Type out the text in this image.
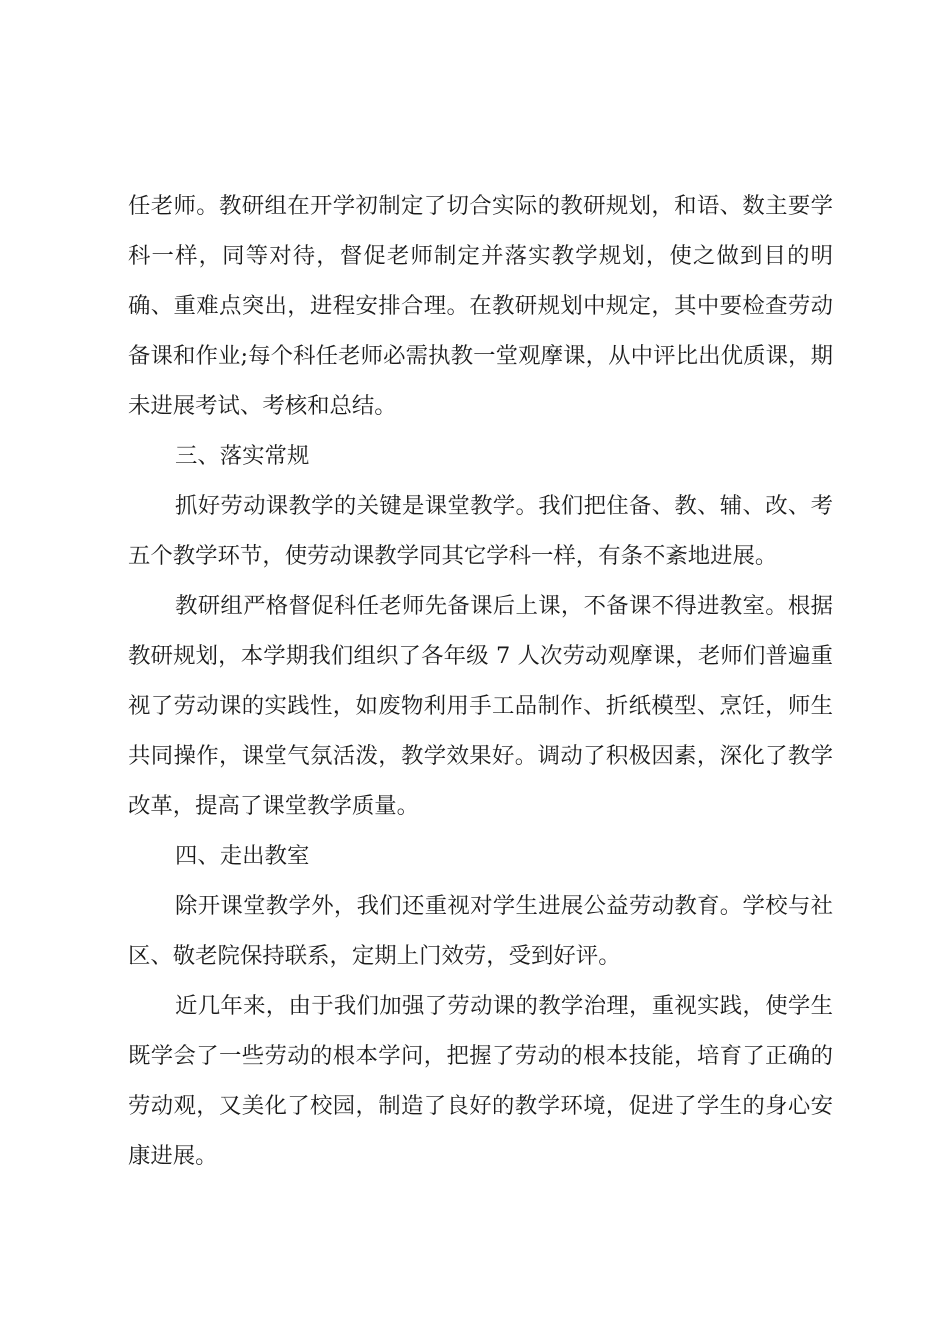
任老师。教研组在开学初制定了切合实际的教研规划，和语、数主要学
科一样，同等对待，督促老师制定并落实教学规划，使之做到目的明
确、重难点突出，进程安排合理。在教研规划中规定，其中要检查劳动
备课和作业;每个科任老师必需执教一堂观摩课，从中评比出优质课，期
未进展考试、考核和总结。
三、落实常规
抓好劳动课教学的关键是课堂教学。我们把住备、教、辅、改、考
五个教学环节，使劳动课教学同其它学科一样，有条不紊地进展。
教研组严格督促科任老师先备课后上课，不备课不得进教室。根据
教研规划，本学期我们组织了各年级 7 人次劳动观摩课，老师们普遍重
视了劳动课的实践性，如废物利用手工品制作、折纸模型、烹饪，师生
共同操作，课堂气氛活泼，教学效果好。调动了积极因素，深化了教学
改革，提高了课堂教学质量。
四、走出教室
除开课堂教学外，我们还重视对学生进展公益劳动教育。学校与社
区、敬老院保持联系，定期上门效劳，受到好评。
近几年来，由于我们加强了劳动课的教学治理，重视实践，使学生
既学会了一些劳动的根本学问，把握了劳动的根本技能，培育了正确的
劳动观，又美化了校园，制造了良好的教学环境，促进了学生的身心安
康进展。
